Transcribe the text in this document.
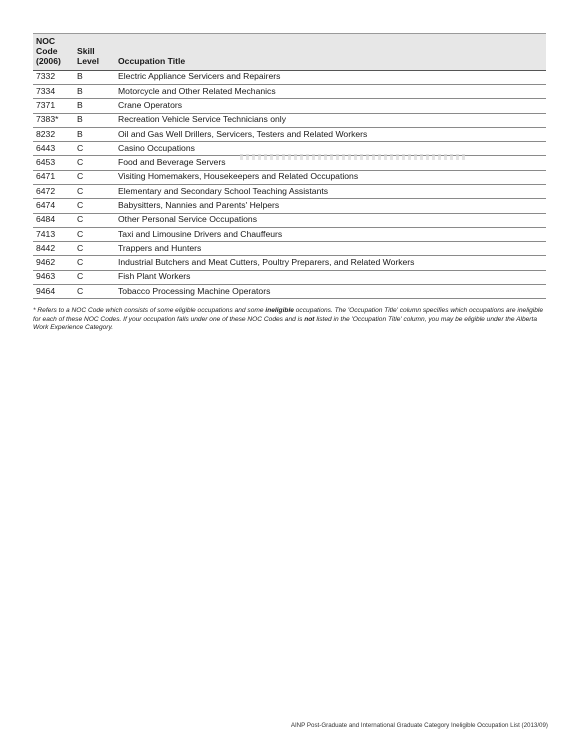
NOC
Code
(2006)	Skill
Level	Occupation Title
7332	B	Electric Appliance Servicers and Repairers
7334	B	Motorcycle and Other Related Mechanics
7371	B	Crane Operators
7383*	B	Recreation Vehicle Service Technicians only
8232	B	Oil and Gas Well Drillers, Servicers, Testers and Related Workers
6443	C	Casino Occupations
6453	C	Food and Beverage Servers
6471	C	Visiting Homemakers, Housekeepers and Related Occupations
6472	C	Elementary and Secondary School Teaching Assistants
6474	C	Babysitters, Nannies and Parents' Helpers
6484	C	Other Personal Service Occupations
7413	C	Taxi and Limousine Drivers and Chauffeurs
8442	C	Trappers and Hunters
9462	C	Industrial Butchers and Meat Cutters, Poultry Preparers, and Related Workers
9463	C	Fish Plant Workers
9464	C	Tobacco Processing Machine Operators

* Refers to a NOC Code which consists of some eligible occupations and some ineligible occupations. The 'Occupation Title' column specifies which occupations are ineligible for each of these NOC Codes. If your occupation falls under one of these NOC Codes and is not listed in the 'Occupation Title' column, you may be eligible under the Alberta Work Experience Category.

AINP Post-Graduate and International Graduate Category Ineligible Occupation List (2013/09)
